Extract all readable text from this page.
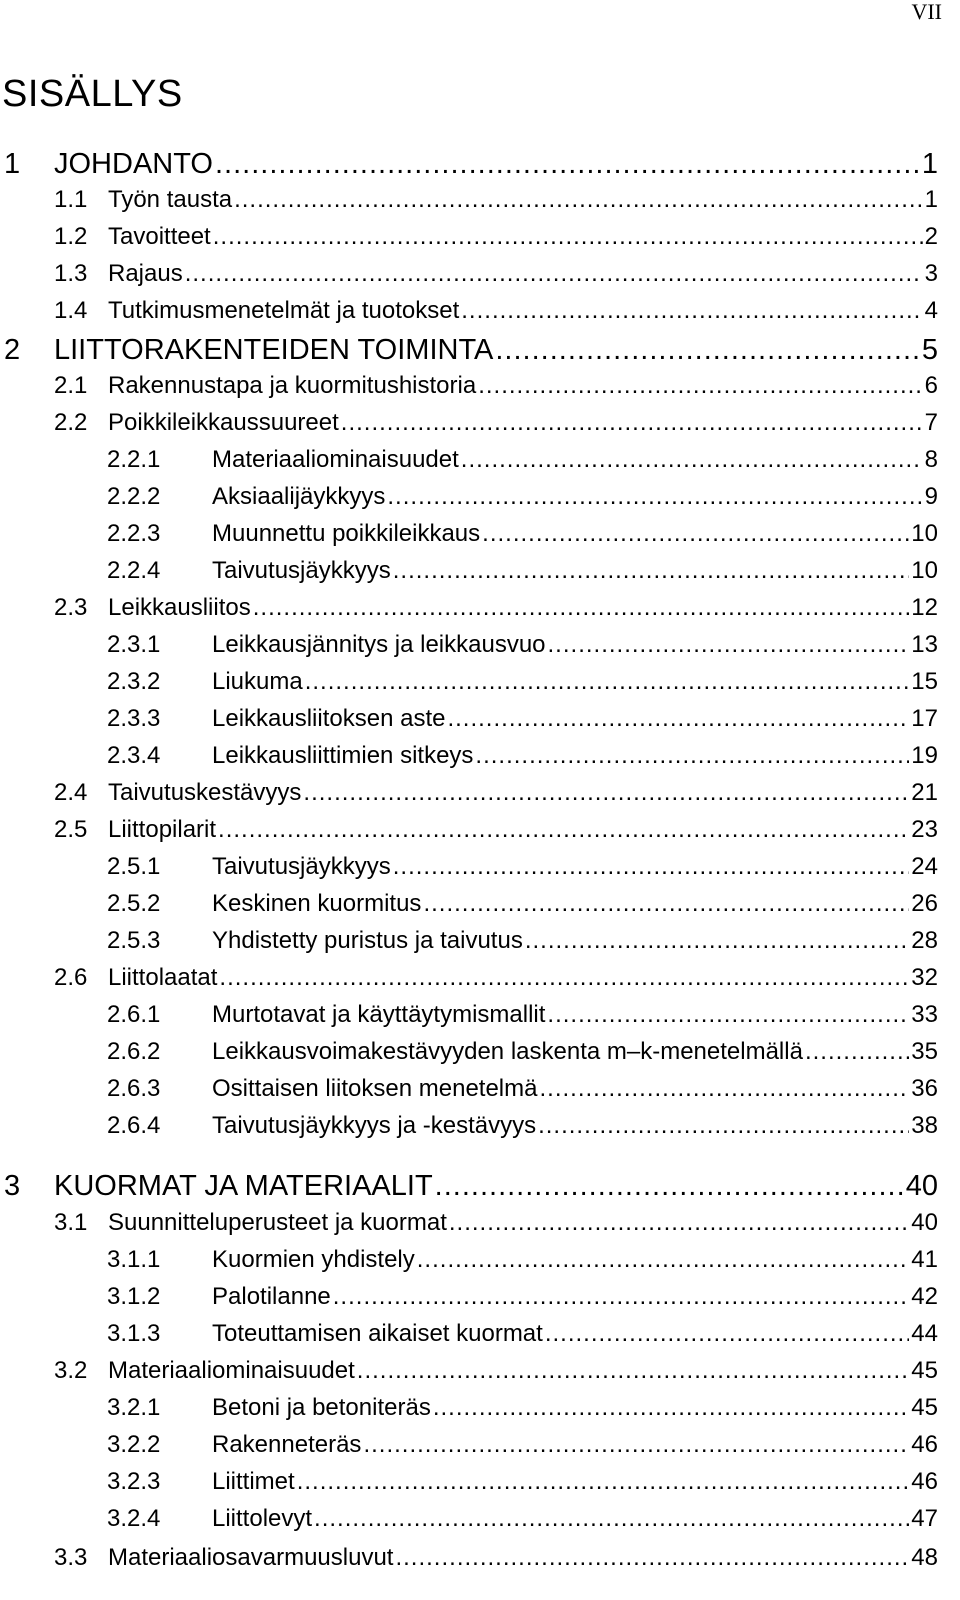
VII
SISÄLLYS
1	JOHDANTO .....	1
1.1 Työn tausta .....	1
1.2 Tavoitteet .....	2
1.3 Rajaus .....	3
1.4 Tutkimusmenetelmät ja tuotokset .....	4
2	LIITTORAKENTEIDEN TOIMINTA .....	5
2.1 Rakennustapa ja kuormitushistoria .....	6
2.2 Poikkileikkaussuureet .....	7
2.2.1	Materiaaliominaisuudet .....	8
2.2.2	Aksiaalijäykkyys .....	9
2.2.3	Muunnettu poikkileikkaus .....	10
2.2.4	Taivutusjäykkyys .....	10
2.3 Leikkausliitos .....	12
2.3.1	Leikkausjännitys ja leikkausvuo .....	13
2.3.2	Liukuma .....	15
2.3.3	Leikkausliitoksen aste .....	17
2.3.4	Leikkausliittimien sitkeys .....	19
2.4 Taivutuskestävyys .....	21
2.5 Liittopilarit .....	23
2.5.1	Taivutusjäykkyys .....	24
2.5.2	Keskinen kuormitus .....	26
2.5.3	Yhdistetty puristus ja taivutus .....	28
2.6 Liittolaatat .....	32
2.6.1	Murtotavat ja käyttäytymismallit .....	33
2.6.2	Leikkausvoimakestävyyden laskenta m–k-menetelmällä .....	35
2.6.3	Osittaisen liitoksen menetelmä .....	36
2.6.4	Taivutusjäykkyys ja -kestävyys .....	38
3	KUORMAT JA MATERIAALIT .....	40
3.1 Suunnitteluperusteet ja kuormat .....	40
3.1.1	Kuormien yhdistely .....	41
3.1.2	Palotilanne .....	42
3.1.3	Toteuttamisen aikaiset kuormat .....	44
3.2 Materiaaliominaisuudet .....	45
3.2.1	Betoni ja betoniteräs .....	45
3.2.2	Rakenneteräs .....	46
3.2.3	Liittimet .....	46
3.2.4	Liittolevyt .....	47
3.3 Materiaaliosavarmuusluvut .....	48
